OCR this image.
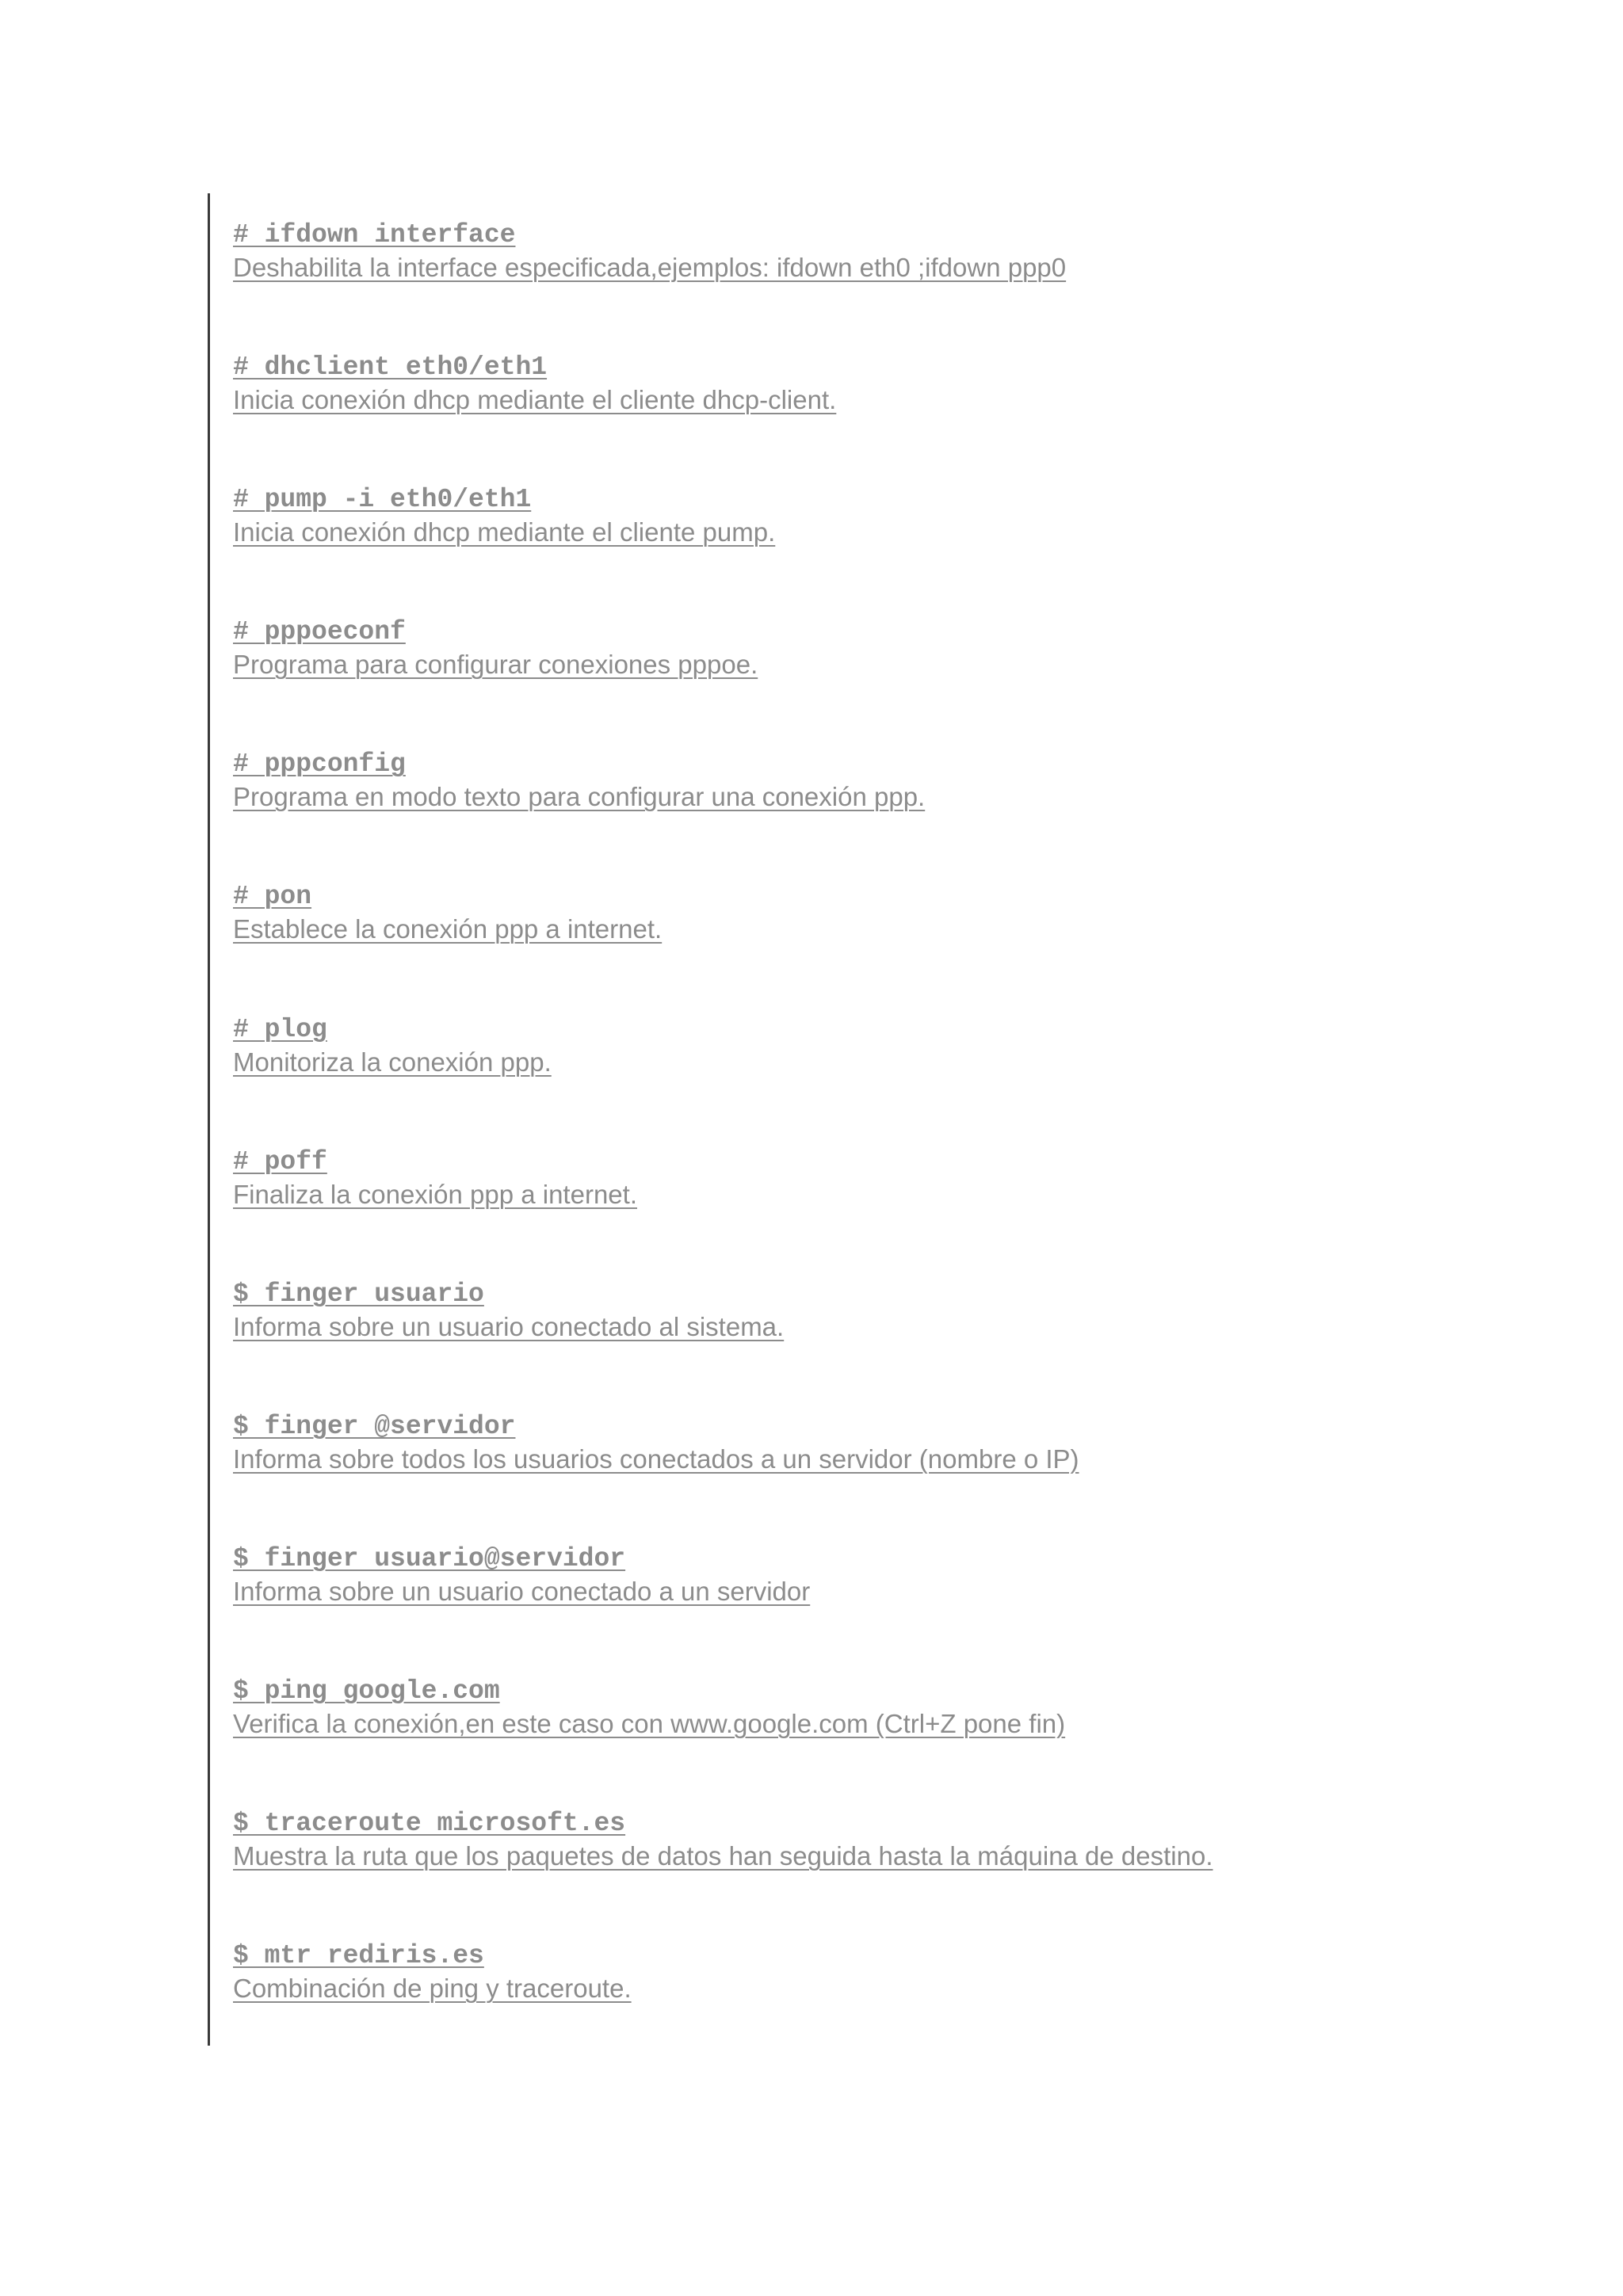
# ifdown interface
Deshabilita la interface especificada,ejemplos: ifdown eth0 ;ifdown ppp0
# dhclient eth0/eth1
Inicia conexión dhcp mediante el cliente dhcp-client.
# pump -i eth0/eth1
Inicia conexión dhcp mediante el cliente pump.
# pppoeconf
Programa para configurar conexiones pppoe.
# pppconfig
Programa en modo texto para configurar una conexión ppp.
# pon
Establece la conexión ppp a internet.
# plog
Monitoriza la conexión ppp.
# poff
Finaliza la conexión ppp a internet.
$ finger usuario
Informa sobre un usuario conectado al sistema.
$ finger @servidor
Informa sobre todos los usuarios conectados a un servidor (nombre o IP)
$ finger usuario@servidor
Informa sobre un usuario conectado a un servidor
$ ping google.com
Verifica la conexión,en este caso con www.google.com (Ctrl+Z pone fin)
$ traceroute microsoft.es
Muestra la ruta que los paquetes de datos han seguida hasta la máquina de destino.
$ mtr rediris.es
Combinación de ping y traceroute.
